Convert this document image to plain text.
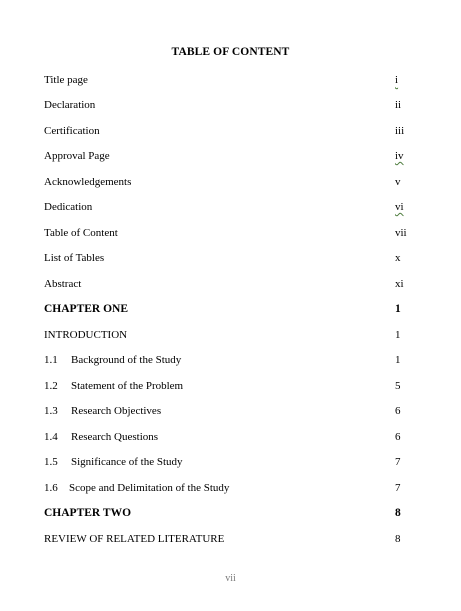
TABLE OF CONTENT
Title page	i
Declaration	ii
Certification	iii
Approval Page	iv
Acknowledgements	v
Dedication	vi
Table of Content	vii
List of Tables	x
Abstract	xi
CHAPTER ONE	1
INTRODUCTION	1
1.1 Background of the Study	1
1.2 Statement of the Problem	5
1.3 Research Objectives	6
1.4 Research Questions	6
1.5 Significance of the Study	7
1.6 Scope and Delimitation of the Study	7
CHAPTER TWO	8
REVIEW OF RELATED LITERATURE	8
vii
